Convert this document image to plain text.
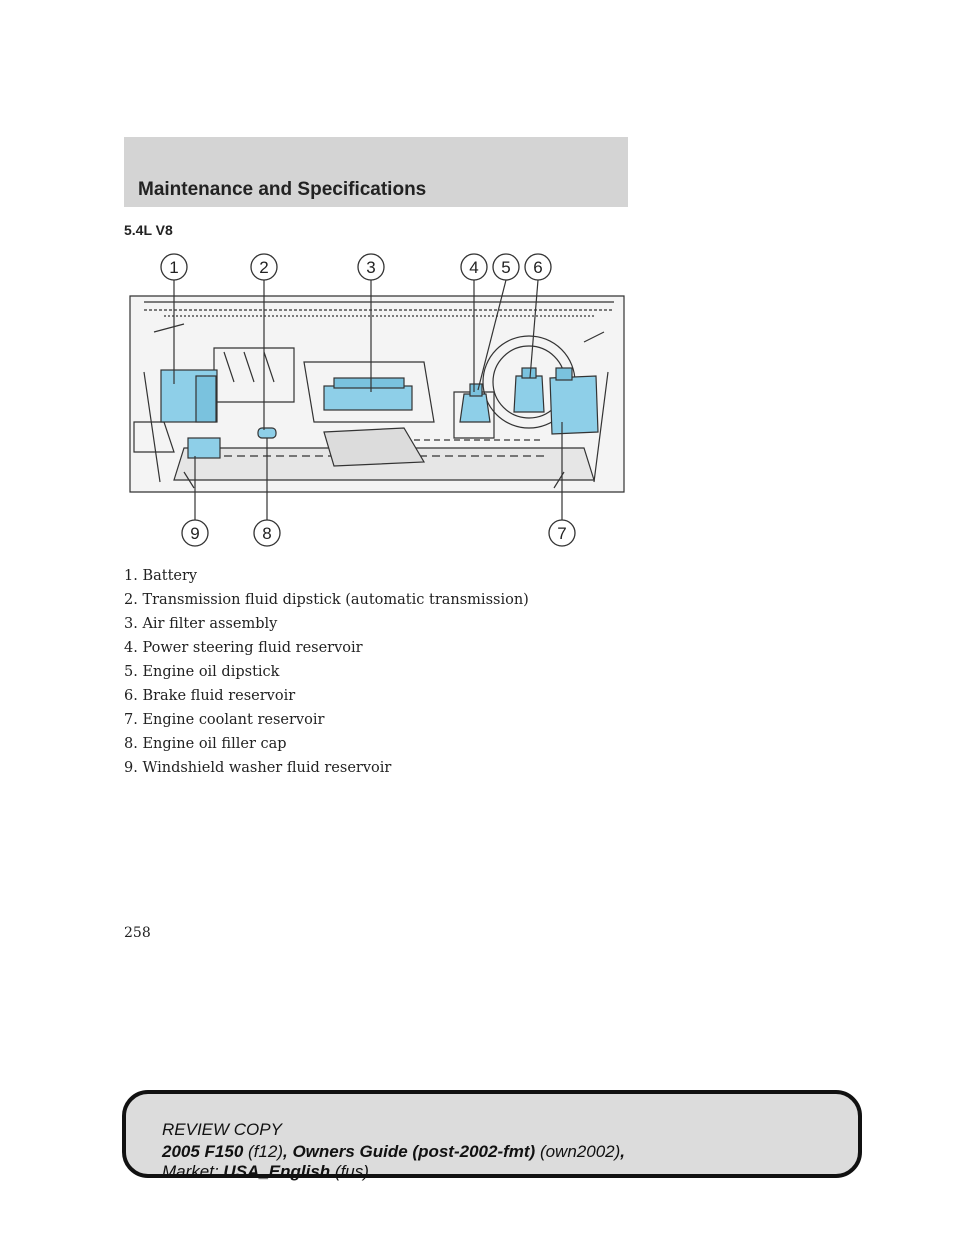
Maintenance and Specifications
5.4L V8
1	2	3	4 5 6
7
8
9
1. Battery
2. Transmission fluid dipstick (automatic transmission)
3. Air filter assembly
4. Power steering fluid reservoir
5. Engine oil dipstick
6. Brake fluid reservoir
7. Engine coolant reservoir
8. Engine oil filler cap
9. Windshield washer fluid reservoir
258
REVIEW COPY
2005 F150 (f12), Owners Guide (post-2002-fmt) (own2002),
Market: USA_English (fus)
